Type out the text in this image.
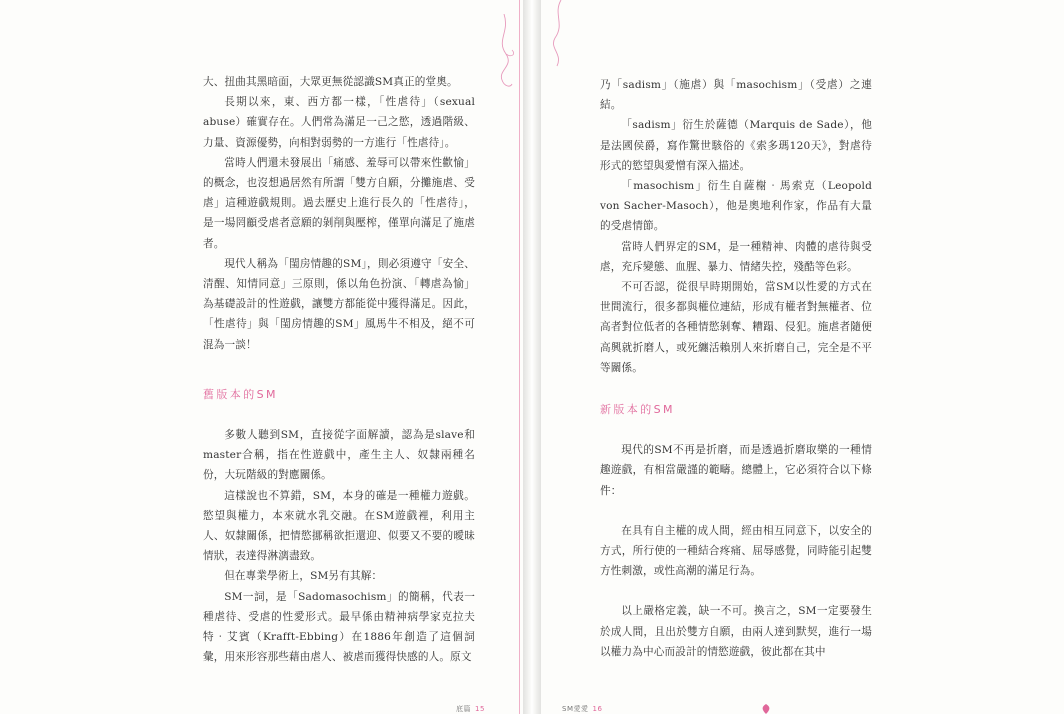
大、扭曲其黑暗面，大眾更無從認識SM真正的堂奧。

長期以來，東、西方都一樣，「性虐待」（sexual abuse）確實存在。人們常為滿足一己之慾，透過階級、力量、資源優勢，向相對弱勢的一方進行「性虐待」。

當時人們還未發展出「痛感、羞辱可以帶來性歡愉」的概念，也沒想過居然有所謂「雙方自願，分攤施虐、受虐」這種遊戲規則。過去歷史上進行長久的「性虐待」，是一場罔顧受虐者意願的剝削與壓榨，僅單向滿足了施虐者。

現代人稱為「閨房情趣的SM」，則必須遵守「安全、清醒、知情同意」三原則，係以角色扮演、「轉虐為愉」為基礎設計的性遊戲，讓雙方都能從中獲得滿足。因此，「性虐待」與「閨房情趣的SM」風馬牛不相及，絕不可混為一談！

舊版本的SM

多數人聽到SM，直接從字面解讀，認為是slave和master合稱，指在性遊戲中，產生主人、奴隸兩種名份，大玩階級的對應關係。

這樣說也不算錯，SM，本身的確是一種權力遊戲。慾望與權力，本來就水乳交融。在SM遊戲裡，利用主人、奴隸關係，把情慾挪稱欲拒還迎、似要又不要的曖昧情狀，表達得淋漓盡致。

但在專業學術上，SM另有其解：

SM一詞，是「Sadomasochism」的簡稱，代表一種虐待、受虐的性愛形式。最早係由精神病學家克拉夫特‧艾賓（Krafft-Ebbing）在1886年創造了這個詞彙，用來形容那些藉由虐人、被虐而獲得快感的人。原文

底篇 15

乃「sadism」（施虐）與「masochism」（受虐）之連結。

「sadism」衍生於薩德（Marquis de Sade），他是法國侯爵，寫作驚世駭俗的《索多瑪120天》，對虐待形式的慾望與愛憎有深入描述。

「masochism」衍生自薩榭‧馬索克（Leopold von Sacher-Masoch），他是奧地利作家，作品有大量的受虐情節。

當時人們界定的SM，是一種精神、肉體的虐待與受虐，充斥變態、血腥、暴力、情緒失控，殘酷等色彩。

不可否認，從很早時期開始，當SM以性愛的方式在世間流行，很多都與權位連結，形成有權者對無權者、位高者對位低者的各種情慾剝奪、糟蹋、侵犯。施虐者隨便高興就折磨人，或死纏活賴別人來折磨自己，完全是不平等關係。

新版本的SM

現代的SM不再是折磨，而是透過折磨取樂的一種情趣遊戲，有相當嚴謹的範疇。總體上，它必須符合以下條件：

在具有自主權的成人間，經由相互同意下，以安全的方式，所行使的一種結合疼痛、屈辱感覺，同時能引起雙方性刺激，或性高潮的滿足行為。

以上嚴格定義，缺一不可。換言之，SM一定要發生於成人間，且出於雙方自願，由兩人達到默契，進行一場以權力為中心而設計的情慾遊戲，彼此都在其中

SM愛愛 16
